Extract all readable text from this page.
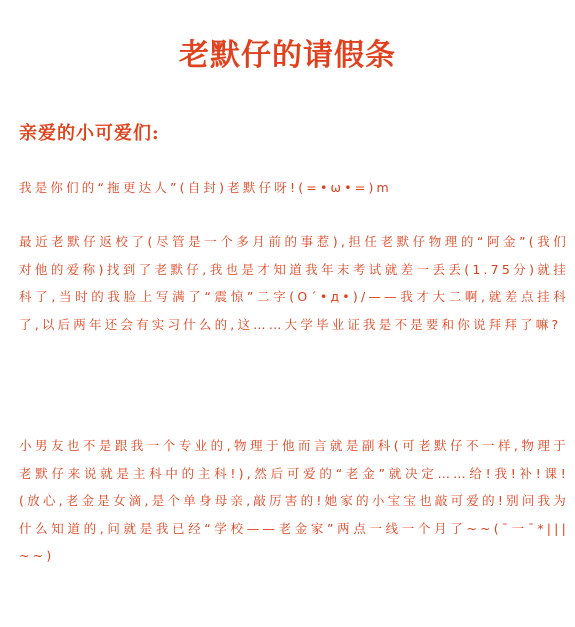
老默仔的请假条
亲爱的小可爱们:
我是你们的“拖更达人”(自封)老默仔呀!(=•ω•=)m
最近老默仔返校了(尽管是一个多月前的事惹),担任老默仔物理的“阿金”(我们对他的爱称)找到了老默仔,我也是才知道我年末考试就差一丢丢(1.75分)就挂科了,当时的我脸上写满了“震惊”二字(O´•д•)/——我才大二啊,就差点挂科了,以后两年还会有实习什么的,这……大学毕业证我是不是要和你说拜拜了嘛?
小男友也不是跟我一个专业的,物理于他而言就是副科(可老默仔不一样,物理于老默仔来说就是主科中的主科!),然后可爱的“老金”就决定……给!我!补!课!(放心,老金是女滴,是个单身母亲,敲厉害的!她家的小宝宝也敲可爱的!别问我为什么知道的,问就是我已经“学校——老金家”两点一线一个月了~~(¯一¯*|||~~)
